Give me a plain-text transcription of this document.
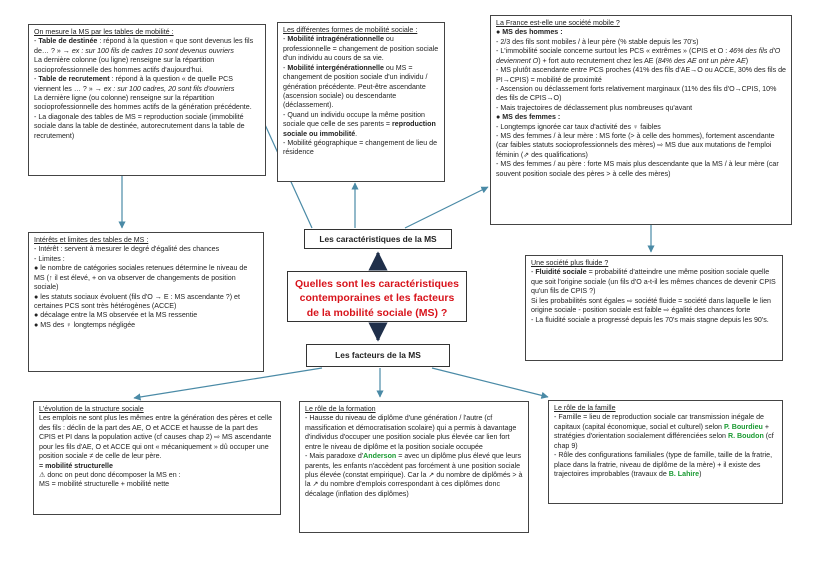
On mesure la MS par les tables de mobilité :

- Table de destinée : répond à la question « que sont devenus les fils de… ? » → ex : sur 100 fils de cadres 10 sont devenus ouvriers

La dernière colonne (ou ligne) renseigne sur la répartition socioprofessionnelle des hommes actifs d'aujourd'hui.

- Table de recrutement : répond à la question « de quelle PCS viennent les … ? » → ex : sur 100 cadres, 20 sont fils d'ouvriers

La dernière ligne (ou colonne) renseigne sur la répartition socioprofessionnelle des hommes actifs de la génération précédente.

- La diagonale des tables de MS = reproduction sociale (immobilité sociale dans la table de destinée, autorecrutement dans la table de recrutement)

Les différentes formes de mobilité sociale :

- Mobilité intragénérationnelle ou professionnelle = changement de position sociale d'un individu au cours de sa vie.

- Mobilité intergénérationnelle ou MS = changement de position sociale d'un individu / génération précédente. Peut-être ascendante (ascension sociale) ou descendante (déclassement).

- Quand un individu occupe la même position sociale que celle de ses parents = reproduction sociale ou immobilité.

- Mobilité géographique = changement de lieu de résidence

La France est-elle une société mobile ?

● MS des hommes :

- 2/3 des fils sont mobiles / à leur père (% stable depuis les 70's)

- L'immobilité sociale concerne surtout les PCS « extrêmes » (CPIS et O : 46% des fils d'O deviennent O) + fort auto recrutement chez les AE (84% des AE ont un père AE)

- MS plutôt ascendante entre PCS proches (41% des fils d'AE→O ou ACCE, 30% des fils de PI→CPIS) = mobilité de proximité

- Ascension ou déclassement forts relativement marginaux (11% des fils d'O→CPIS, 10% des fils de CPIS→O)

- Mais trajectoires de déclassement plus nombreuses qu'avant

● MS des femmes :

- Longtemps ignorée car taux d'activité des ♀ faibles

- MS des femmes / à leur mère : MS forte (> à celle des hommes), fortement ascendante (car faibles statuts socioprofessionnels des mères) ⇨ MS due aux mutations de l'emploi féminin (⇗ des qualifications)

- MS des femmes / au père : forte MS mais plus descendante que la MS / à leur mère (car souvent position sociale des pères > à celle des mères)

Intérêts et limites des tables de MS :

- Intérêt : servent à mesurer le degré d'égalité des chances

- Limites :

● le nombre de catégories sociales retenues détermine le niveau de MS (↑ il est élevé, + on va observer de changements de position sociale)

● les statuts sociaux évoluent (fils d'O → E : MS ascendante ?) et certaines PCS sont très hétérogènes (ACCE)

● décalage entre la MS observée et la MS ressentie

● MS des ♀ longtemps négligée

Une société plus fluide ?

- Fluidité sociale = probabilité d'atteindre une même position sociale quelle que soit l'origine sociale (un fils d'O a-t-il les mêmes chances de devenir CPIS qu'un fils de CPIS ?)

Si les probabilités sont égales ⇨ société fluide = société dans laquelle le lien origine sociale - position sociale est faible ⇨ égalité des chances forte

- La fluidité sociale a progressé depuis les 70's mais stagne depuis les 90's.

Les caractéristiques de la MS
Quelles sont les caractéristiques contemporaines et les facteurs de la mobilité sociale (MS) ?
Les facteurs de la MS
L'évolution de la structure sociale

Les emplois ne sont plus les mêmes entre la génération des pères et celle des fils : déclin de la part des AE, O et ACCE et hausse de la part des CPIS et PI dans la population active (cf causes chap 2) ⇨ MS ascendante pour les fils d'AE, O et ACCE qui ont « mécaniquement » dû occuper une position sociale ≠ de celle de leur père.

= mobilité structurelle

⚠ donc on peut donc décomposer la MS en :

MS = mobilité structurelle + mobilité nette

Le rôle de la formation

- Hausse du niveau de diplôme d'une génération / l'autre (cf massification et démocratisation scolaire) qui a permis à davantage d'individus d'occuper une position sociale plus élevée car lien fort entre le niveau de diplôme et la position sociale occupée

- Mais paradoxe d'Anderson = avec un diplôme plus élevé que leurs parents, les enfants n'accèdent pas forcément à une position sociale plus élevée (constat empirique). Car la ↗ du nombre de diplômés > à la ↗ du nombre d'emplois correspondant à ces diplômes donc décalage (inflation des diplômes)

Le rôle de la famille

- Famille = lieu de reproduction sociale car transmission inégale de capitaux (capital économique, social et culturel) selon P. Bourdieu + stratégies d'orientation socialement différenciées selon R. Boudon (cf chap 9)

- Rôle des configurations familiales (type de famille, taille de la fratrie, place dans la fratrie, niveau de diplôme de la mère) + il existe des trajectoires improbables (travaux de B. Lahire)
